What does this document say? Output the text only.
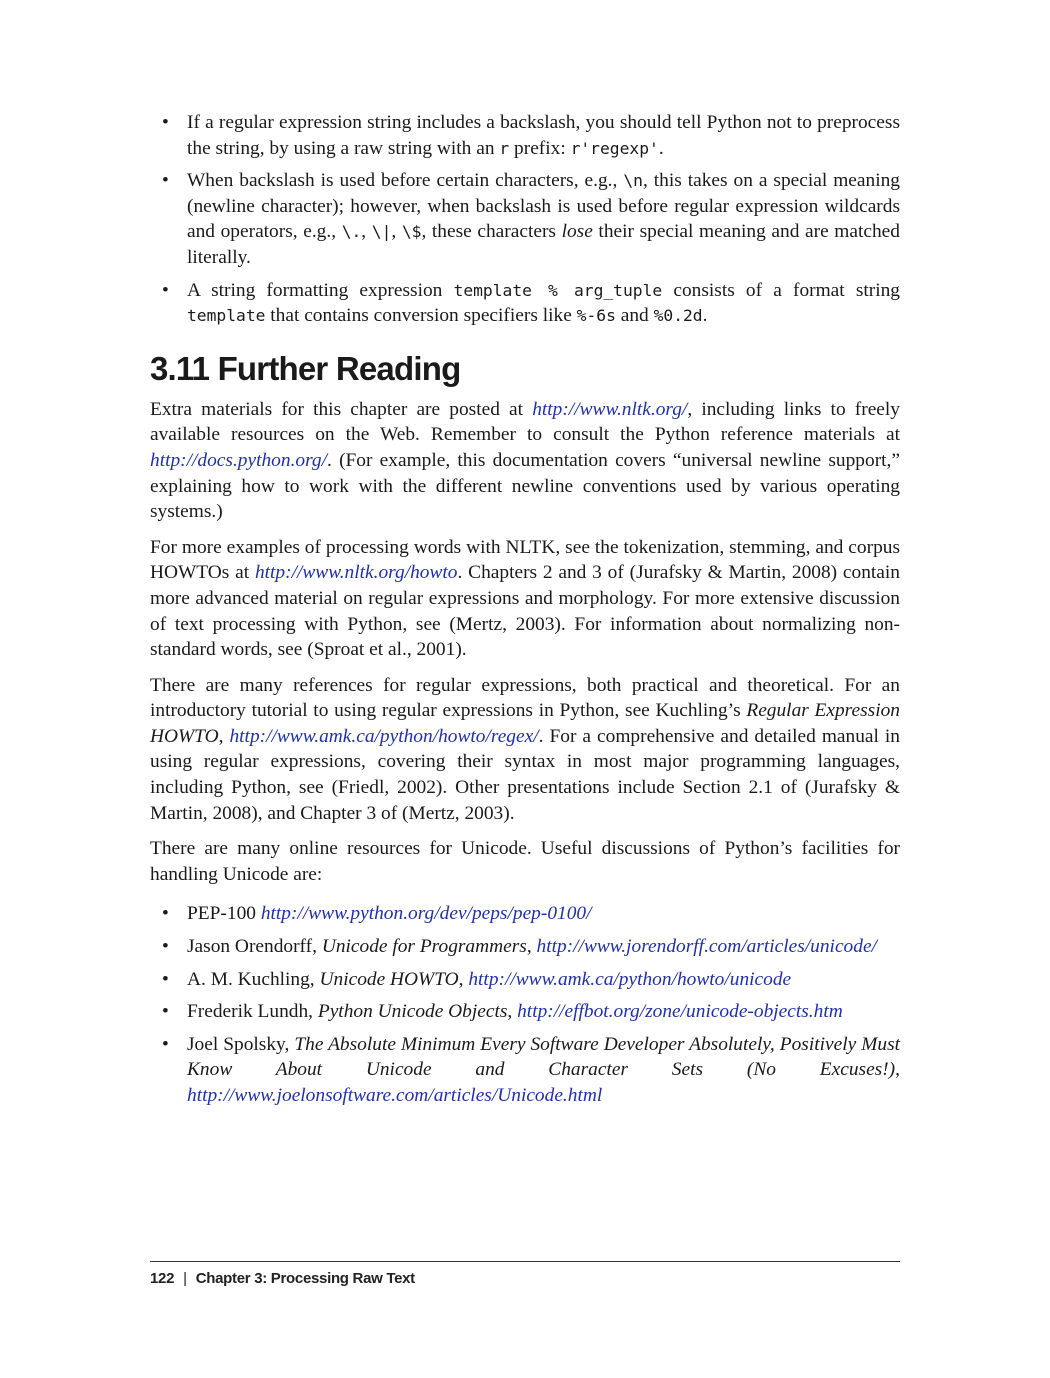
• If a regular expression string includes a backslash, you should tell Python not to preprocess the string, by using a raw string with an r prefix: r'regexp'.
• When backslash is used before certain characters, e.g., \n, this takes on a special meaning (newline character); however, when backslash is used before regular expression wildcards and operators, e.g., \., \|, \$, these characters lose their special meaning and are matched literally.
• A string formatting expression template % arg_tuple consists of a format string template that contains conversion specifiers like %-6s and %0.2d.
3.11 Further Reading

Extra materials for this chapter are posted at http://www.nltk.org/, including links to freely available resources on the Web. Remember to consult the Python reference materials at http://docs.python.org/. (For example, this documentation covers “universal newline support,” explaining how to work with the different newline conventions used by various operating systems.)

For more examples of processing words with NLTK, see the tokenization, stemming, and corpus HOWTOs at http://www.nltk.org/howto. Chapters 2 and 3 of (Jurafsky & Martin, 2008) contain more advanced material on regular expressions and morphology. For more extensive discussion of text processing with Python, see (Mertz, 2003). For information about normalizing non-standard words, see (Sproat et al., 2001).

There are many references for regular expressions, both practical and theoretical. For an introductory tutorial to using regular expressions in Python, see Kuchling’s Regular Expression HOWTO, http://www.amk.ca/python/howto/regex/. For a comprehensive and detailed manual in using regular expressions, covering their syntax in most major programming languages, including Python, see (Friedl, 2002). Other presentations include Section 2.1 of (Jurafsky & Martin, 2008), and Chapter 3 of (Mertz, 2003).

There are many online resources for Unicode. Useful discussions of Python’s facilities for handling Unicode are:

• PEP-100 http://www.python.org/dev/peps/pep-0100/
• Jason Orendorff, Unicode for Programmers, http://www.jorendorff.com/articles/unicode/
• A. M. Kuchling, Unicode HOWTO, http://www.amk.ca/python/howto/unicode
• Frederik Lundh, Python Unicode Objects, http://effbot.org/zone/unicode-objects.htm
• Joel Spolsky, The Absolute Minimum Every Software Developer Absolutely, Positively Must Know About Unicode and Character Sets (No Excuses!), http://www.joelonsoftware.com/articles/Unicode.html
122 | Chapter 3: Processing Raw Text
